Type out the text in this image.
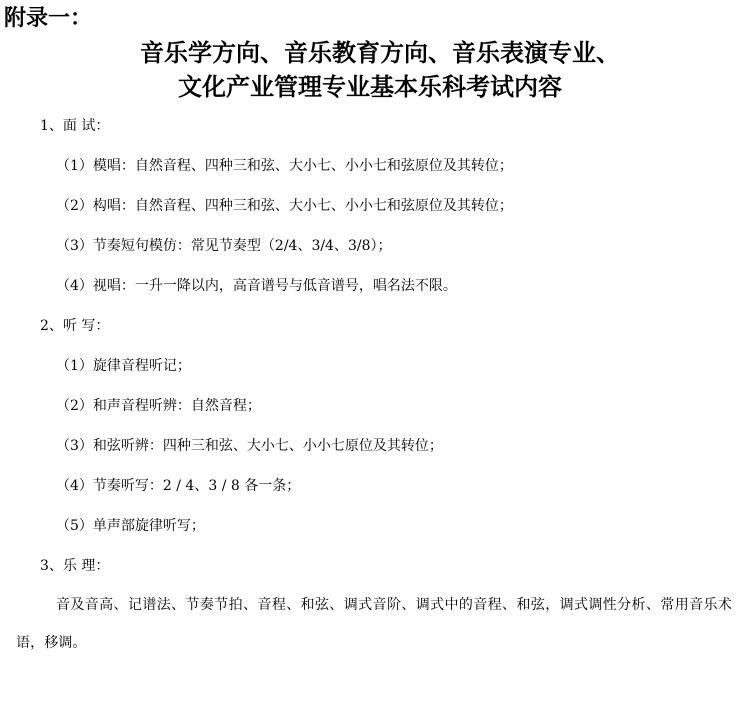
附录一：
音乐学方向、音乐教育方向、音乐表演专业、
文化产业管理专业基本乐科考试内容

1、面 试：

（1）模唱：自然音程、四种三和弦、大小七、小小七和弦原位及其转位；

（2）构唱：自然音程、四种三和弦、大小七、小小七和弦原位及其转位；

（3）节奏短句模仿：常见节奏型（2/4、3/4、3/8）；

（4）视唱：一升一降以内，高音谱号与低音谱号，唱名法不限。

2、听 写：

（1）旋律音程听记；

（2）和声音程听辨：自然音程；

（3）和弦听辨：四种三和弦、大小七、小小七原位及其转位；

（4）节奏听写：2 / 4、3 / 8 各一条；

（5）单声部旋律听写；

3、乐 理：

音及音高、记谱法、节奏节拍、音程、和弦、调式音阶、调式中的音程、和弦，调式调性分析、常用音乐术语，移调。
